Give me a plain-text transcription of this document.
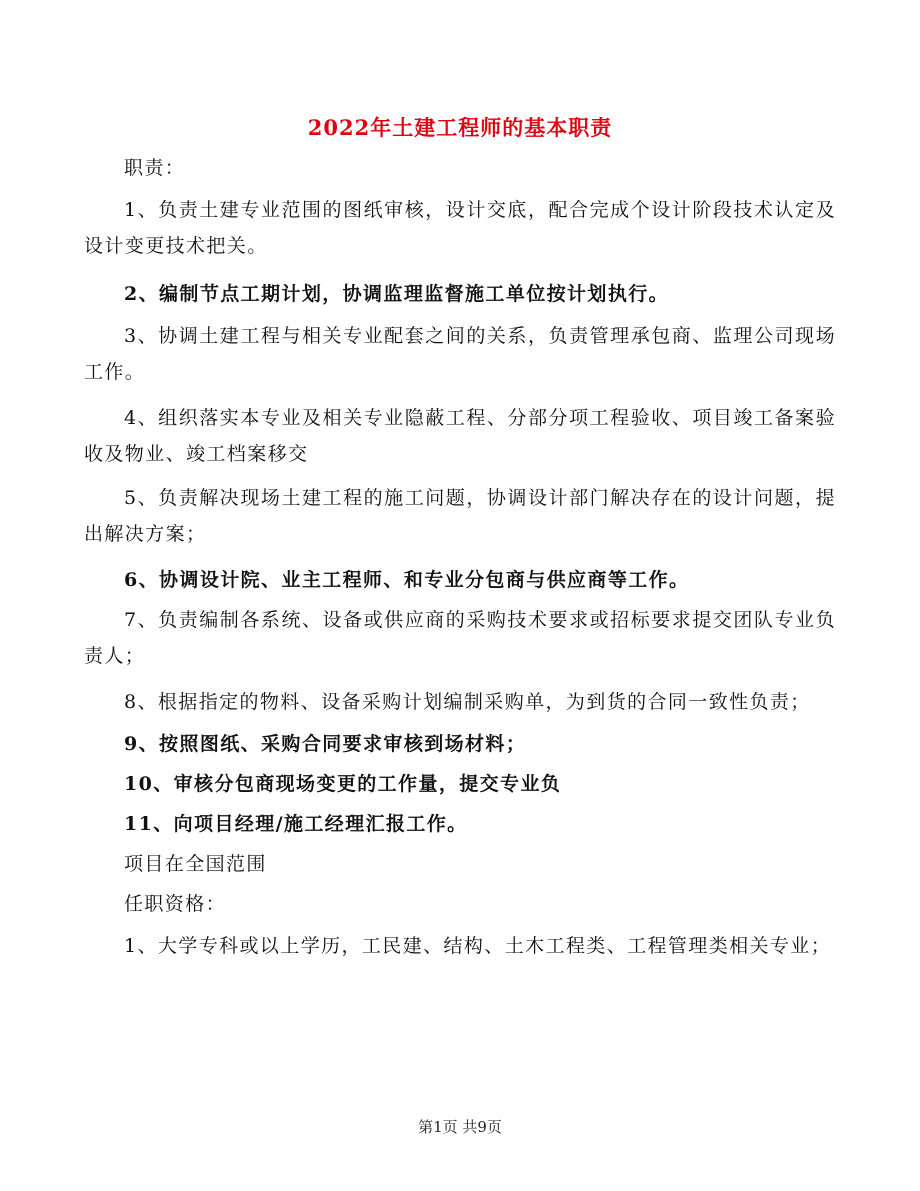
2022年土建工程师的基本职责
职责：
1、负责土建专业范围的图纸审核，设计交底，配合完成个设计阶段技术认定及设计变更技术把关。
2、编制节点工期计划，协调监理监督施工单位按计划执行。
3、协调土建工程与相关专业配套之间的关系，负责管理承包商、监理公司现场工作。
4、组织落实本专业及相关专业隐蔽工程、分部分项工程验收、项目竣工备案验收及物业、竣工档案移交
5、负责解决现场土建工程的施工问题，协调设计部门解决存在的设计问题，提出解决方案；
6、协调设计院、业主工程师、和专业分包商与供应商等工作。
7、负责编制各系统、设备或供应商的采购技术要求或招标要求提交团队专业负责人；
8、根据指定的物料、设备采购计划编制采购单，为到货的合同一致性负责；
9、按照图纸、采购合同要求审核到场材料；
10、审核分包商现场变更的工作量，提交专业负
11、向项目经理/施工经理汇报工作。
项目在全国范围
任职资格：
1、大学专科或以上学历，工民建、结构、土木工程类、工程管理类相关专业；
第1页 共9页
